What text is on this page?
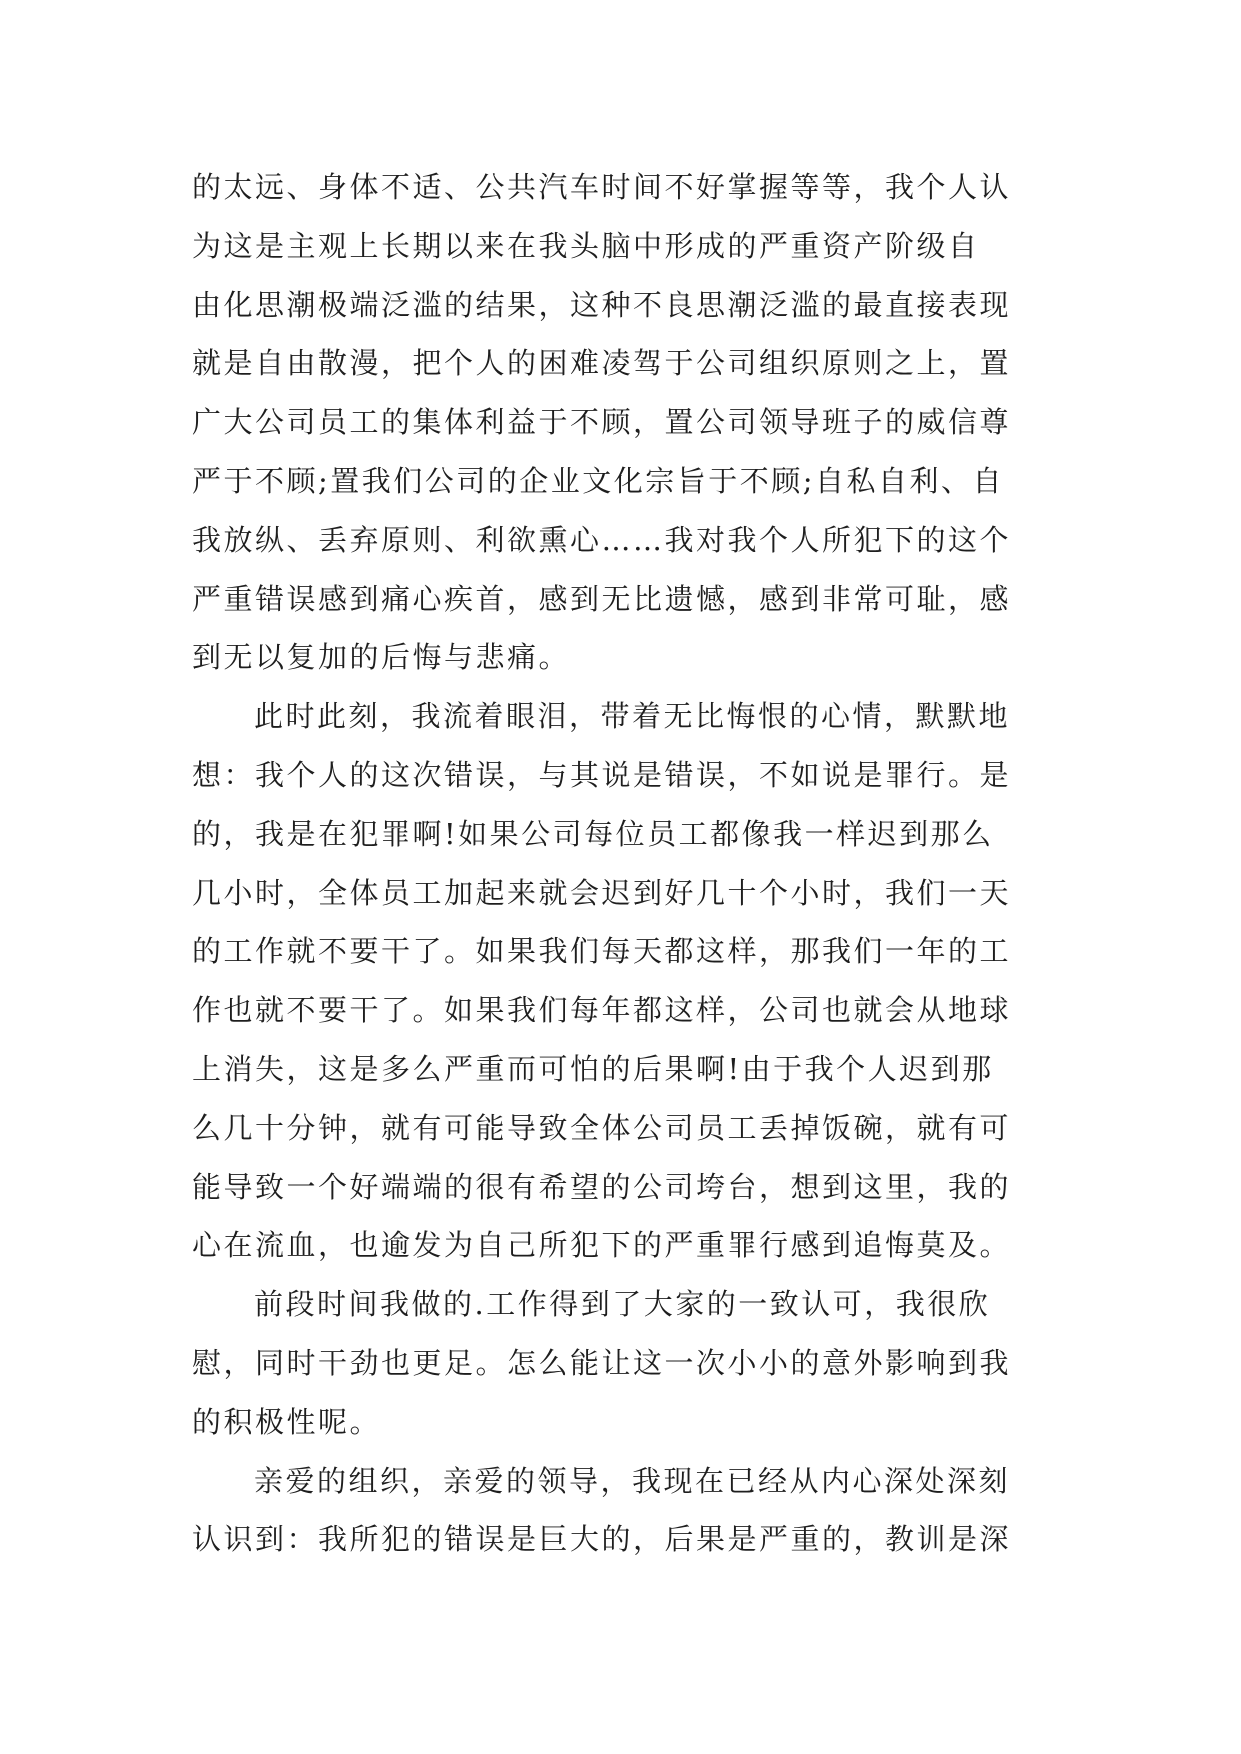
的太远、身体不适、公共汽车时间不好掌握等等，我个人认
为这是主观上长期以来在我头脑中形成的严重资产阶级自
由化思潮极端泛滥的结果，这种不良思潮泛滥的最直接表现
就是自由散漫，把个人的困难凌驾于公司组织原则之上，置
广大公司员工的集体利益于不顾，置公司领导班子的威信尊
严于不顾;置我们公司的企业文化宗旨于不顾;自私自利、自
我放纵、丢弃原则、利欲熏心……我对我个人所犯下的这个
严重错误感到痛心疾首，感到无比遗憾，感到非常可耻，感
到无以复加的后悔与悲痛。
此时此刻，我流着眼泪，带着无比悔恨的心情，默默地
想：我个人的这次错误，与其说是错误，不如说是罪行。是
的，我是在犯罪啊!如果公司每位员工都像我一样迟到那么
几小时，全体员工加起来就会迟到好几十个小时，我们一天
的工作就不要干了。如果我们每天都这样，那我们一年的工
作也就不要干了。如果我们每年都这样，公司也就会从地球
上消失，这是多么严重而可怕的后果啊!由于我个人迟到那
么几十分钟，就有可能导致全体公司员工丢掉饭碗，就有可
能导致一个好端端的很有希望的公司垮台，想到这里，我的
心在流血，也逾发为自己所犯下的严重罪行感到追悔莫及。
前段时间我做的.工作得到了大家的一致认可，我很欣
慰，同时干劲也更足。怎么能让这一次小小的意外影响到我
的积极性呢。
亲爱的组织，亲爱的领导，我现在已经从内心深处深刻
认识到：我所犯的错误是巨大的，后果是严重的，教训是深
